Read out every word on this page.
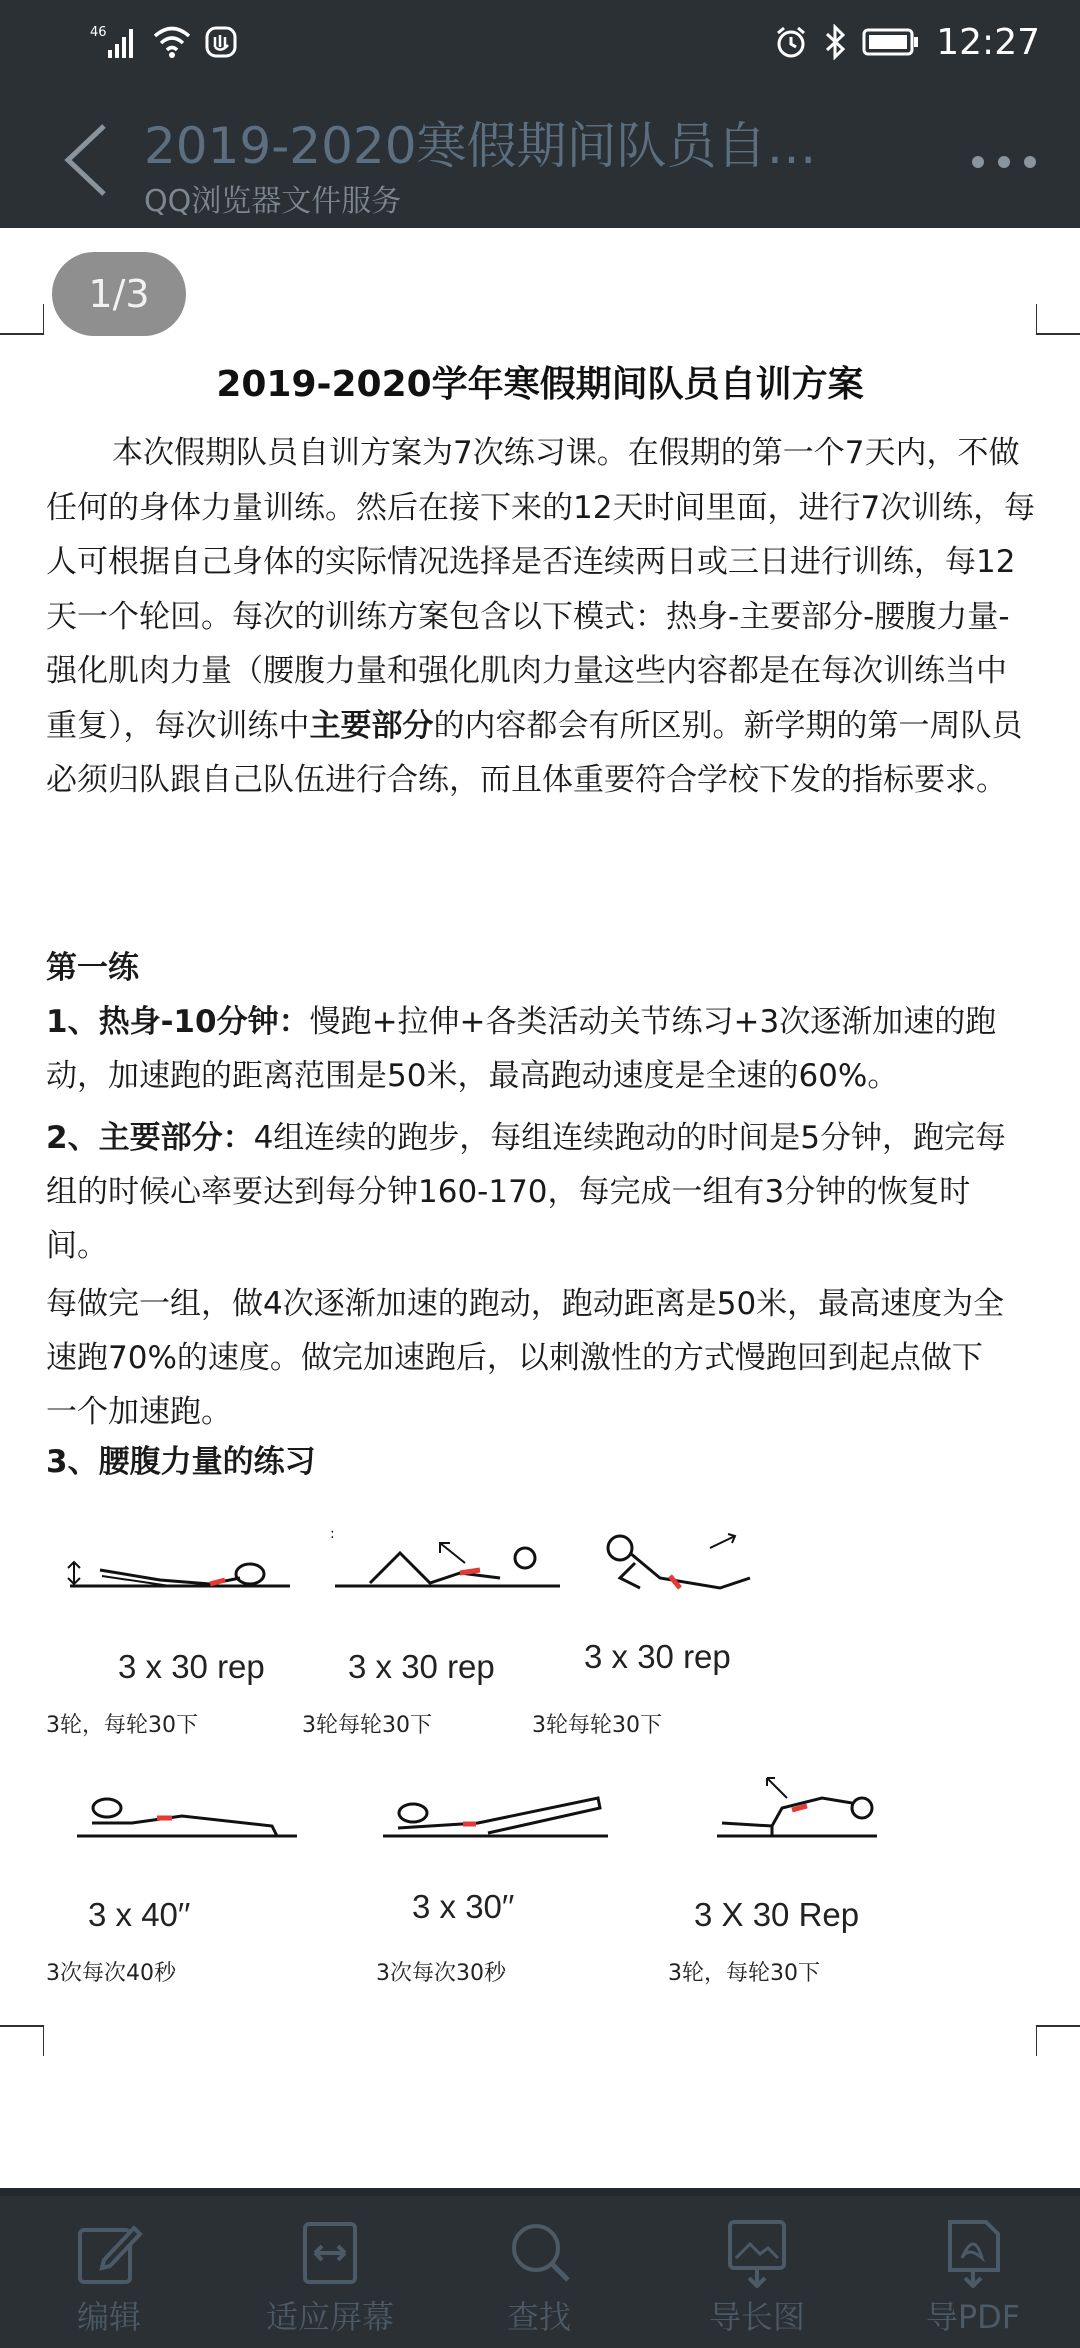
46	12:27
2019-2020寒假期间队员自…
QQ浏览器文件服务
1/3
2019-2020学年寒假期间队员自训方案

本次假期队员自训方案为7次练习课。在假期的第一个7天内，不做任何的身体力量训练。然后在接下来的12天时间里面，进行7次训练，每人可根据自己身体的实际情况选择是否连续两日或三日进行训练，每12天一个轮回。每次的训练方案包含以下模式：热身-主要部分-腰腹力量-强化肌肉力量（腰腹力量和强化肌肉力量这些内容都是在每次训练当中重复），每次训练中主要部分的内容都会有所区别。新学期的第一周队员必须归队跟自己队伍进行合练，而且体重要符合学校下发的指标要求。

第一练
1、热身-10分钟：慢跑+拉伸+各类活动关节练习+3次逐渐加速的跑
动，加速跑的距离范围是50米，最高跑动速度是全速的60%。
2、主要部分：4组连续的跑步，每组连续跑动的时间是5分钟，跑完每
组的时候心率要达到每分钟160-170，每完成一组有3分钟的恢复时
间。
每做完一组，做4次逐渐加速的跑动，跑动距离是50米，最高速度为全
速跑70%的速度。做完加速跑后，以刺激性的方式慢跑回到起点做下
一个加速跑。
3、腰腹力量的练习
3 x 30 rep
3轮，每轮30下
:
3 x 30 rep
3轮每轮30下
3 x 30 rep
3轮每轮30下
3 x 40′′
3次每次40秒
3 x 30′′
3次每次30秒
3 X 30 Rep
3轮，每轮30下
编辑	适应屏幕	查找	导长图	导PDF
